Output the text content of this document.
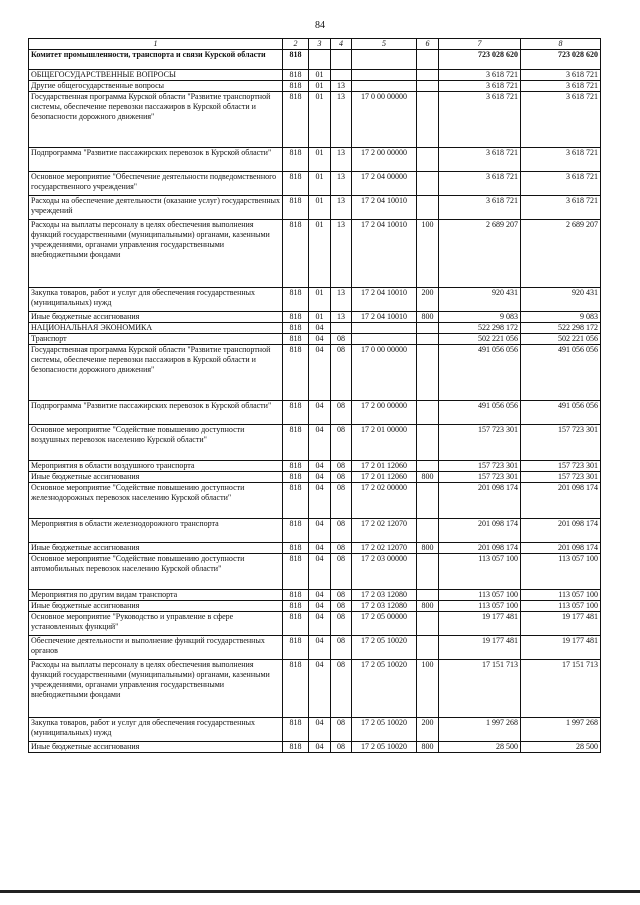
84
1	2	3	4	5	6	7	8
Комитет промышленности, транспорта и связи Курской области	818					723 028 620	723 028 620
ОБЩЕГОСУДАРСТВЕННЫЕ ВОПРОСЫ	818	01				3 618 721	3 618 721
Другие общегосударственные вопросы	818	01	13			3 618 721	3 618 721
Государственная программа Курской области "Развитие транспортной системы, обеспечение перевозки пассажиров в Курской области и безопасности дорожного движения"	818	01	13	17 0 00 00000		3 618 721	3 618 721
Подпрограмма "Развитие пассажирских перевозок в Курской области"	818	01	13	17 2 00 00000		3 618 721	3 618 721
Основное мероприятие "Обеспечение деятельности подведомственного государственного учреждения"	818	01	13	17 2 04 00000		3 618 721	3 618 721
Расходы на обеспечение деятельности (оказание услуг) государственных учреждений	818	01	13	17 2 04 10010		3 618 721	3 618 721
Расходы на выплаты персоналу в целях обеспечения выполнения функций государственными (муниципальными) органами, казенными учреждениями, органами управления государственными внебюджетными фондами	818	01	13	17 2 04 10010	100	2 689 207	2 689 207
Закупка товаров, работ и услуг для обеспечения государственных (муниципальных) нужд	818	01	13	17 2 04 10010	200	920 431	920 431
Иные бюджетные ассигнования	818	01	13	17 2 04 10010	800	9 083	9 083
НАЦИОНАЛЬНАЯ ЭКОНОМИКА	818	04				522 298 172	522 298 172
Транспорт	818	04	08			502 221 056	502 221 056
Государственная программа Курской области "Развитие транспортной системы, обеспечение перевозки пассажиров в Курской области и безопасности дорожного движения"	818	04	08	17 0 00 00000		491 056 056	491 056 056
Подпрограмма "Развитие пассажирских перевозок в Курской области"	818	04	08	17 2 00 00000		491 056 056	491 056 056
Основное мероприятие "Содействие повышению доступности воздушных перевозок населению Курской области"	818	04	08	17 2 01 00000		157 723 301	157 723 301
Мероприятия в области воздушного транспорта	818	04	08	17 2 01 12060		157 723 301	157 723 301
Иные бюджетные ассигнования	818	04	08	17 2 01 12060	800	157 723 301	157 723 301
Основное мероприятие "Содействие повышению доступности железнодорожных перевозок населению Курской области"	818	04	08	17 2 02 00000		201 098 174	201 098 174
Мероприятия в области железнодорожного транспорта	818	04	08	17 2 02 12070		201 098 174	201 098 174
Иные бюджетные ассигнования	818	04	08	17 2 02 12070	800	201 098 174	201 098 174
Основное мероприятие "Содействие повышению доступности автомобильных перевозок населению Курской области"	818	04	08	17 2 03 00000		113 057 100	113 057 100
Мероприятия по другим видам транспорта	818	04	08	17 2 03 12080		113 057 100	113 057 100
Иные бюджетные ассигнования	818	04	08	17 2 03 12080	800	113 057 100	113 057 100
Основное мероприятие "Руководство и управление в сфере установленных функций"	818	04	08	17 2 05 00000		19 177 481	19 177 481
Обеспечение деятельности и выполнение функций государственных органов	818	04	08	17 2 05 10020		19 177 481	19 177 481
Расходы на выплаты персоналу в целях обеспечения выполнения функций государственными (муниципальными) органами, казенными учреждениями, органами управления государственными внебюджетными фондами	818	04	08	17 2 05 10020	100	17 151 713	17 151 713
Закупка товаров, работ и услуг для обеспечения государственных (муниципальных) нужд	818	04	08	17 2 05 10020	200	1 997 268	1 997 268
Иные бюджетные ассигнования	818	04	08	17 2 05 10020	800	28 500	28 500
